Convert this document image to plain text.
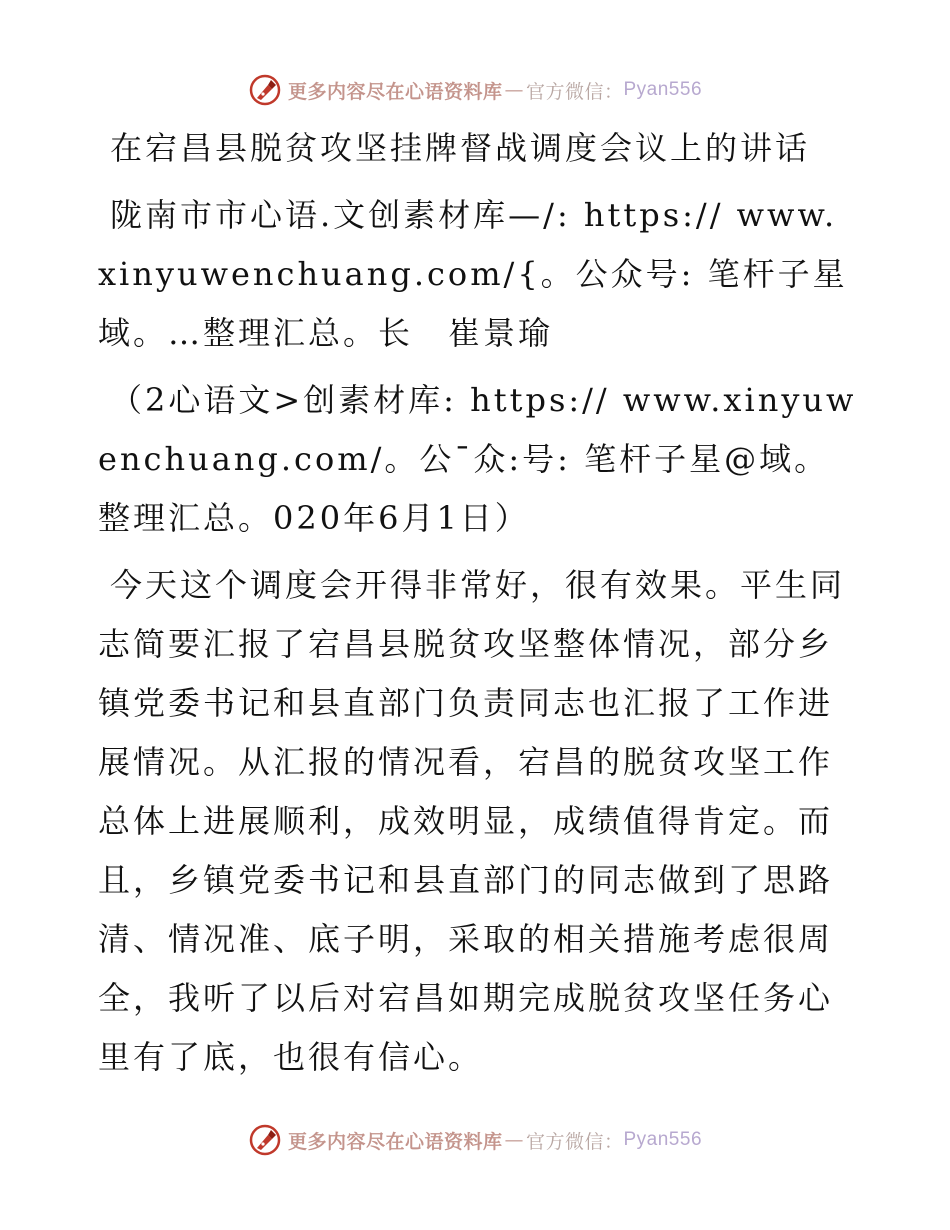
更多内容尽在心语资料库 — 官方微信： Pyan556

在宕昌县脱贫攻坚挂牌督战调度会议上的讲话

陇南市市心语.文创素材库—/: https:// www.xinyuwenchuang.com/{。公众号: 笔杆子星域。…整理汇总。长　崔景瑜

（2心语文>创素材库: https:// www.xinyuwenchuang.com/。公¯众:号: 笔杆子星@域。整理汇总。020年6月1日）

今天这个调度会开得非常好，很有效果。平生同志简要汇报了宕昌县脱贫攻坚整体情况，部分乡镇党委书记和县直部门负责同志也汇报了工作进展情况。从汇报的情况看，宕昌的脱贫攻坚工作总体上进展顺利，成效明显，成绩值得肯定。而且，乡镇党委书记和县直部门的同志做到了思路清、情况准、底子明，采取的相关措施考虑很周全，我听了以后对宕昌如期完成脱贫攻坚任务心里有了底，也很有信心。

更多内容尽在心语资料库 — 官方微信： Pyan556
